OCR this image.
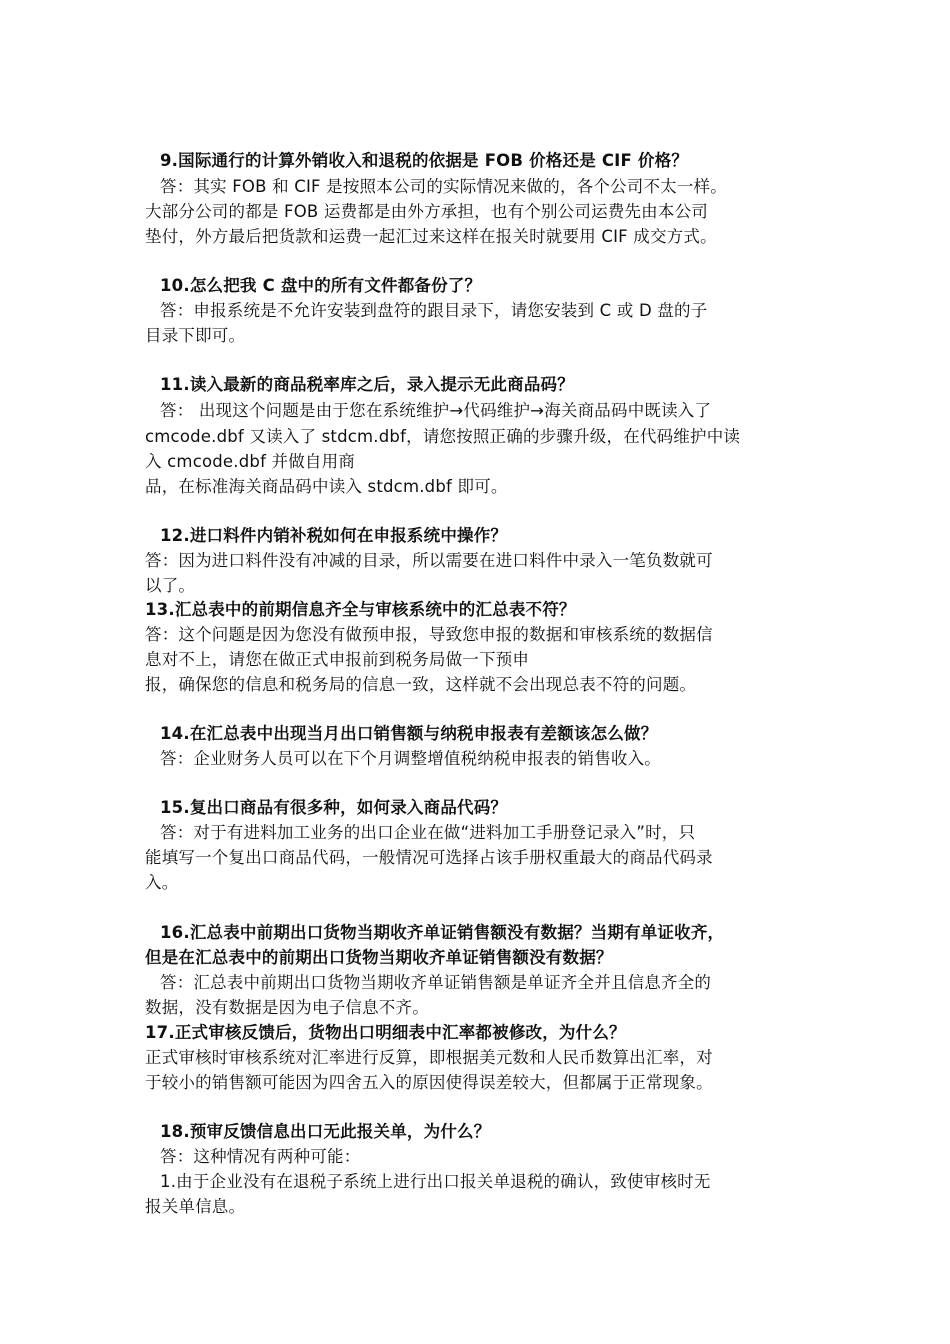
9.国际通行的计算外销收入和退税的依据是 FOB 价格还是 CIF 价格？
答：其实 FOB 和 CIF 是按照本公司的实际情况来做的，各个公司不太一样。
大部分公司的都是 FOB 运费都是由外方承担，也有个别公司运费先由本公司
垫付，外方最后把货款和运费一起汇过来这样在报关时就要用 CIF 成交方式。
10.怎么把我 C 盘中的所有文件都备份了？
答：申报系统是不允许安装到盘符的跟目录下，请您安装到 C 或 D 盘的子
目录下即可。
11.读入最新的商品税率库之后，录入提示无此商品码？
答： 出现这个问题是由于您在系统维护→代码维护→海关商品码中既读入了
cmcode.dbf 又读入了 stdcm.dbf，请您按照正确的步骤升级，在代码维护中读
入 cmcode.dbf 并做自用商
品，在标准海关商品码中读入 stdcm.dbf 即可。
12.进口料件内销补税如何在申报系统中操作？
答：因为进口料件没有冲减的目录，所以需要在进口料件中录入一笔负数就可
以了。
13.汇总表中的前期信息齐全与审核系统中的汇总表不符？
答：这个问题是因为您没有做预申报，导致您申报的数据和审核系统的数据信
息对不上，请您在做正式申报前到税务局做一下预申
报，确保您的信息和税务局的信息一致，这样就不会出现总表不符的问题。
14.在汇总表中出现当月出口销售额与纳税申报表有差额该怎么做？
答：企业财务人员可以在下个月调整增值税纳税申报表的销售收入。
15.复出口商品有很多种，如何录入商品代码？
答：对于有进料加工业务的出口企业在做“进料加工手册登记录入”时，只
能填写一个复出口商品代码，一般情况可选择占该手册权重最大的商品代码录
入。
16.汇总表中前期出口货物当期收齐单证销售额没有数据？当期有单证收齐，
但是在汇总表中的前期出口货物当期收齐单证销售额没有数据？
答：汇总表中前期出口货物当期收齐单证销售额是单证齐全并且信息齐全的
数据，没有数据是因为电子信息不齐。
17.正式审核反馈后，货物出口明细表中汇率都被修改，为什么？
正式审核时审核系统对汇率进行反算，即根据美元数和人民币数算出汇率，对
于较小的销售额可能因为四舍五入的原因使得误差较大，但都属于正常现象。
18.预审反馈信息出口无此报关单，为什么？
答：这种情况有两种可能：
1.由于企业没有在退税子系统上进行出口报关单退税的确认，致使审核时无
报关单信息。
